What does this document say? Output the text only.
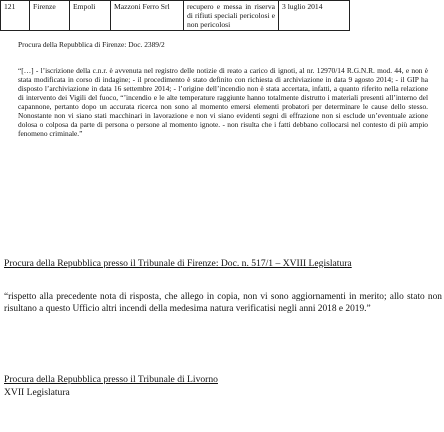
121	Firenze	Empoli	Mazzoni Ferro Srl	recupero e messa in riserva di rifiuti speciali pericolosi e non pericolosi	3 luglio 2014
Procura della Repubblica di Firenze: Doc. 2389/2
“[…] - l’iscrizione della c.n.r. è avvenuta nel registro delle notizie di reato a carico di ignoti, al nr. 12970/14 R.G.N.R. mod. 44, e non è stata modificata in corso di indagine; - il procedimento è stato definito con richiesta di archiviazione in data 9 agosto 2014; - il GIP ha disposto l’archiviazione in data 16 settembre 2014; - l’origine dell’incendio non è stata accertata, infatti, a quanto riferito nella relazione di intervento dei Vigili del fuoco, “’incendio e le alte temperature raggiunte hanno totalmente distrutto i materiali presenti all’interno del capannone, pertanto dopo un accurata ricerca non sono al momento emersi elementi probatori per determinare le cause dello stesso. Nonostante non vi siano stati macchinari in lavorazione e non vi siano evidenti segni di effrazione non si esclude un’eventuale azione dolosa o colposa da parte di persona o persone al momento ignote. - non risulta che i fatti debbano collocarsi nel contesto di più ampio fenomeno criminale.”
Procura della Repubblica presso il Tribunale di Firenze: Doc. n. 517/1 – XVIII Legislatura
“rispetto alla precedente nota di risposta, che allego in copia, non vi sono aggiornamenti in merito; allo stato non risultano a questo Ufficio altri incendi della medesima natura verificatisi negli anni 2018 e 2019.”
Procura della Repubblica presso il Tribunale di Livorno
XVII Legislatura
